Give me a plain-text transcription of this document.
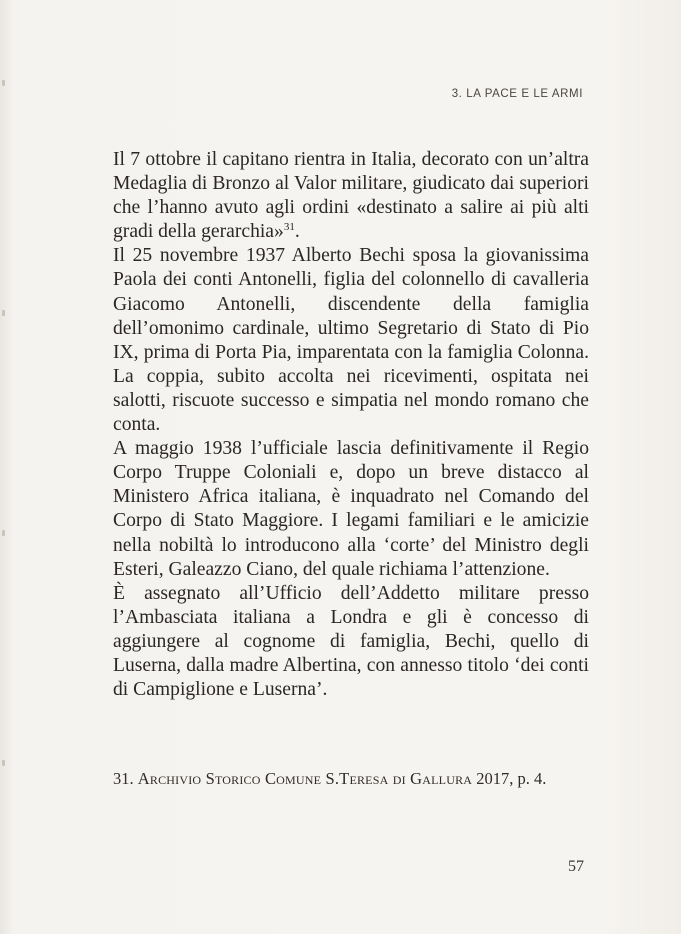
3. LA PACE E LE ARMI

Il 7 ottobre il capitano rientra in Italia, decorato con un’altra Medaglia di Bronzo al Valor militare, giudicato dai superiori che l’hanno avuto agli ordini «destinato a salire ai più alti gradi della gerarchia»$^{31}$.

Il 25 novembre 1937 Alberto Bechi sposa la giovanissima Paola dei conti Antonelli, figlia del colonnello di cavalleria Giacomo Antonelli, discendente della famiglia dell’omonimo cardinale, ultimo Segretario di Stato di Pio IX, prima di Porta Pia, imparentata con la famiglia Colonna. La coppia, subito accolta nei ricevimenti, ospitata nei salotti, riscuote successo e simpatia nel mondo romano che conta.

A maggio 1938 l’ufficiale lascia definitivamente il Regio Corpo Truppe Coloniali e, dopo un breve distacco al Ministero Africa italiana, è inquadrato nel Comando del Corpo di Stato Maggiore. I legami familiari e le amicizie nella nobiltà lo introducono alla ‘corte’ del Ministro degli Esteri, Galeazzo Ciano, del quale richiama l’attenzione.

È assegnato all’Ufficio dell’Addetto militare presso l’Ambasciata italiana a Londra e gli è concesso di aggiungere al cognome di famiglia, Bechi, quello di Luserna, dalla madre Albertina, con annesso titolo ‘dei conti di Campiglione e Luserna’.

31. Archivio Storico Comune S.Teresa di Gallura 2017, p. 4.
57
